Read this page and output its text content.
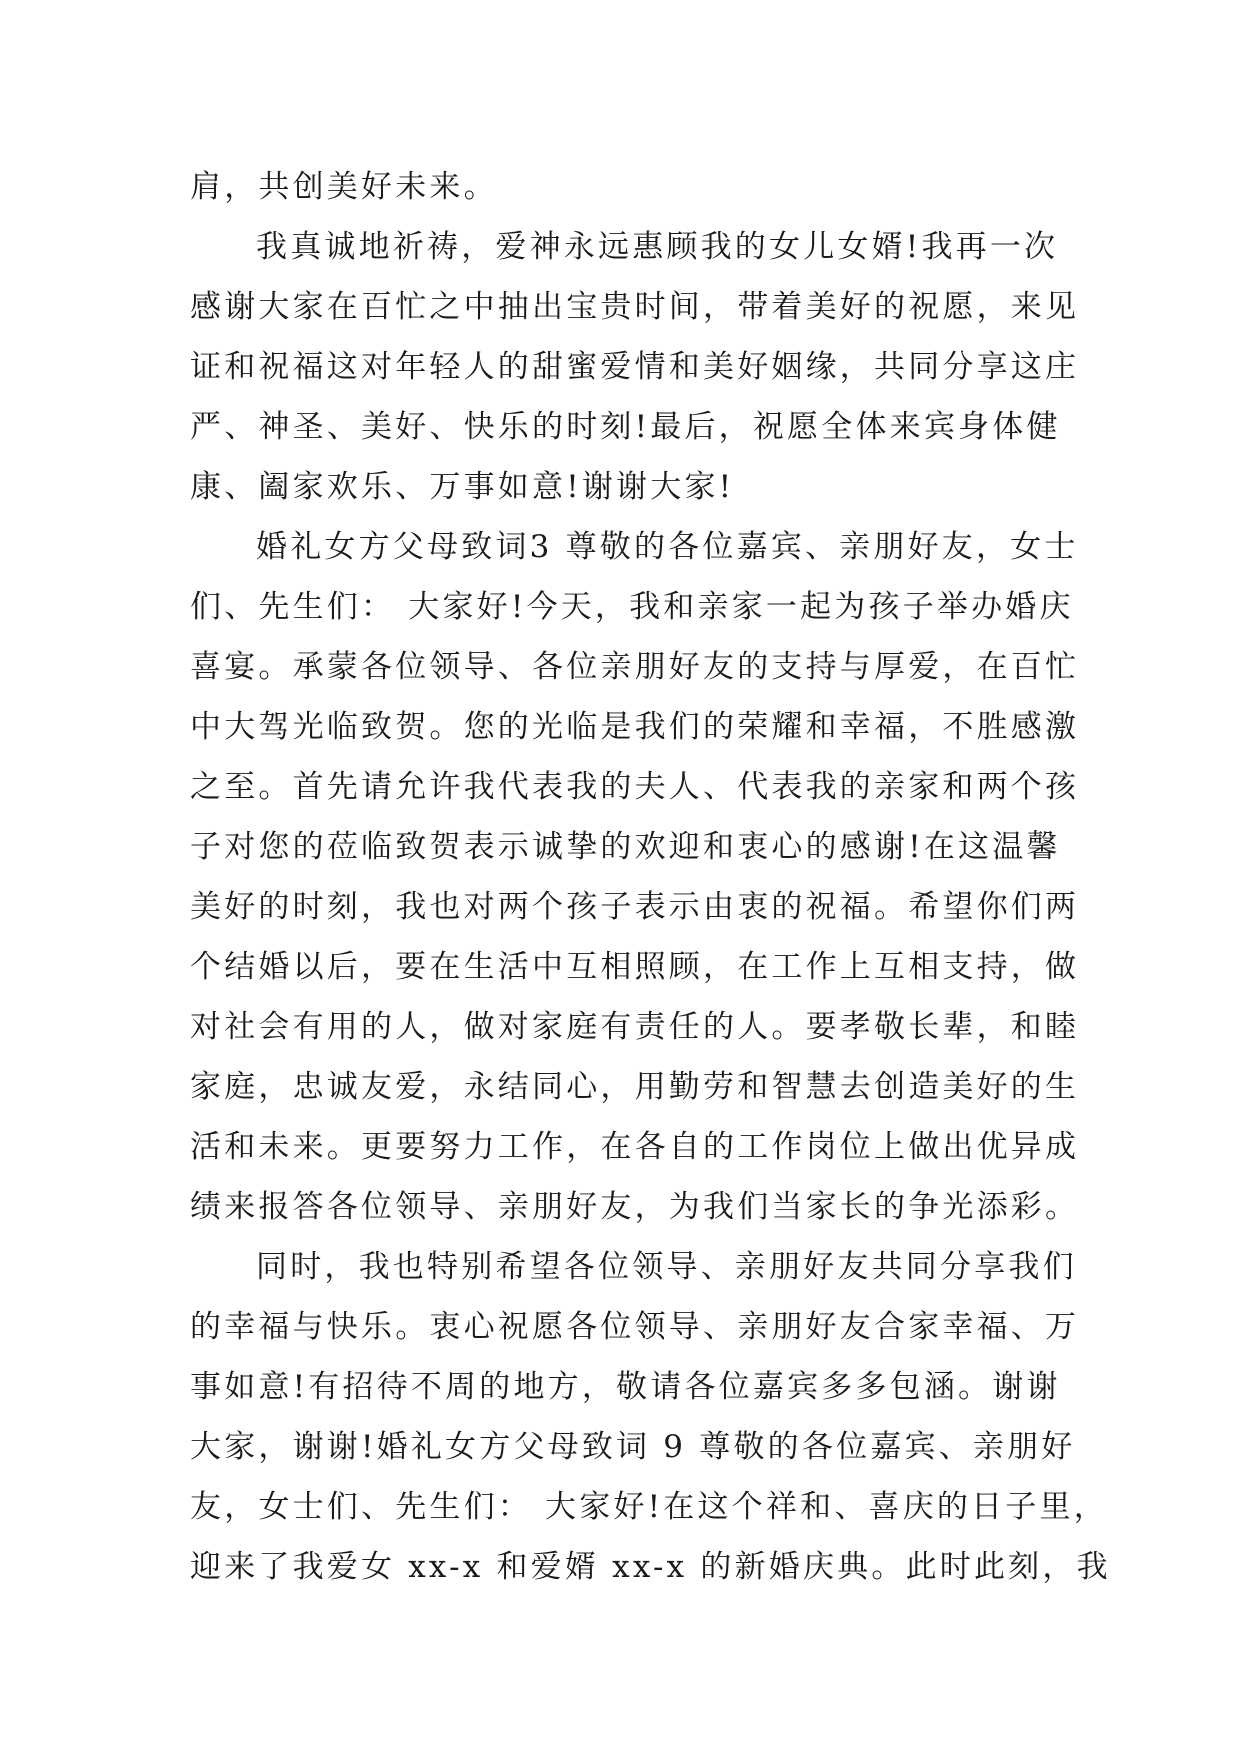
肩，共创美好未来。
我真诚地祈祷，爱神永远惠顾我的女儿女婿!我再一次
感谢大家在百忙之中抽出宝贵时间，带着美好的祝愿，来见
证和祝福这对年轻人的甜蜜爱情和美好姻缘，共同分享这庄
严、神圣、美好、快乐的时刻!最后，祝愿全体来宾身体健
康、阖家欢乐、万事如意!谢谢大家!
婚礼女方父母致词3 尊敬的各位嘉宾、亲朋好友，女士
们、先生们： 大家好!今天，我和亲家一起为孩子举办婚庆
喜宴。承蒙各位领导、各位亲朋好友的支持与厚爱，在百忙
中大驾光临致贺。您的光临是我们的荣耀和幸福，不胜感激
之至。首先请允许我代表我的夫人、代表我的亲家和两个孩
子对您的莅临致贺表示诚挚的欢迎和衷心的感谢!在这温馨
美好的时刻，我也对两个孩子表示由衷的祝福。希望你们两
个结婚以后，要在生活中互相照顾，在工作上互相支持，做
对社会有用的人，做对家庭有责任的人。要孝敬长辈，和睦
家庭，忠诚友爱，永结同心，用勤劳和智慧去创造美好的生
活和未来。更要努力工作，在各自的工作岗位上做出优异成
绩来报答各位领导、亲朋好友，为我们当家长的争光添彩。
同时，我也特别希望各位领导、亲朋好友共同分享我们
的幸福与快乐。衷心祝愿各位领导、亲朋好友合家幸福、万
事如意!有招待不周的地方，敬请各位嘉宾多多包涵。谢谢
大家，谢谢!婚礼女方父母致词 9 尊敬的各位嘉宾、亲朋好
友，女士们、先生们： 大家好!在这个祥和、喜庆的日子里，
迎来了我爱女 xx-x 和爱婿 xx-x 的新婚庆典。此时此刻，我
